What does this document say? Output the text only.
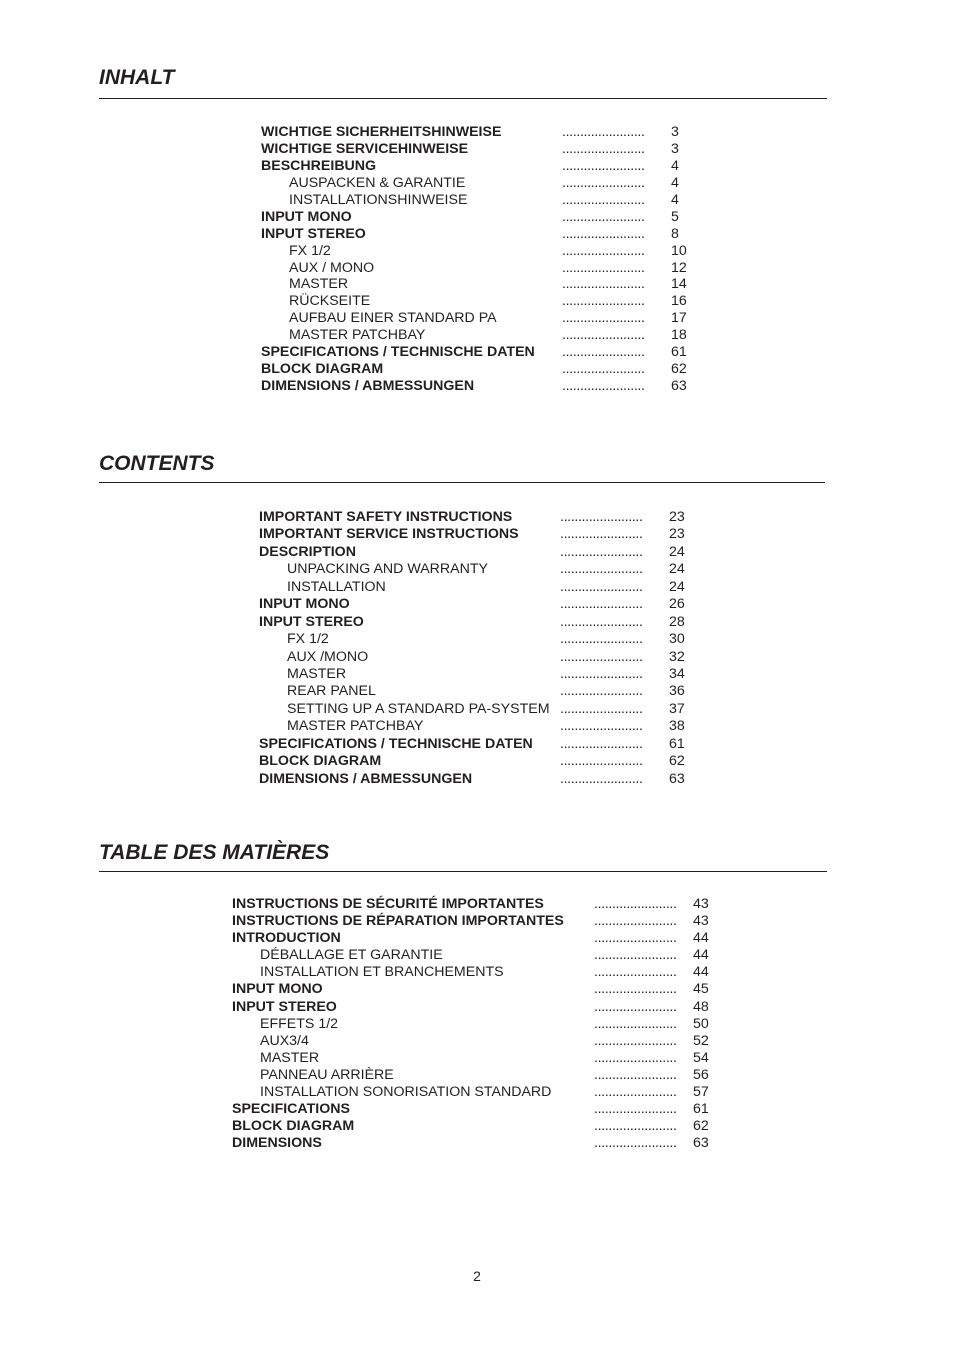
INHALT
WICHTIGE SICHERHEITSHINWEISE	....................... 3
WICHTIGE SERVICEHINWEISE	....................... 3
BESCHREIBUNG	....................... 4
AUSPACKEN & GARANTIE	....................... 4
INSTALLATIONSHINWEISE	....................... 4
INPUT MONO	....................... 5
INPUT STEREO	....................... 8
FX 1/2	....................... 10
AUX / MONO	....................... 12
MASTER	....................... 14
RÜCKSEITE	....................... 16
AUFBAU EINER STANDARD PA	....................... 17
MASTER PATCHBAY	....................... 18
SPECIFICATIONS / TECHNISCHE DATEN ....................... 61
BLOCK DIAGRAM	....................... 62
DIMENSIONS / ABMESSUNGEN	....................... 63
CONTENTS
IMPORTANT SAFETY INSTRUCTIONS	....................... 23
IMPORTANT SERVICE INSTRUCTIONS	....................... 23
DESCRIPTION	....................... 24
UNPACKING AND WARRANTY	....................... 24
INSTALLATION	....................... 24
INPUT MONO	....................... 26
INPUT STEREO	....................... 28
FX 1/2	....................... 30
AUX /MONO	....................... 32
MASTER	....................... 34
REAR PANEL	....................... 36
SETTING UP A STANDARD PA-SYSTEM ....................... 37
MASTER PATCHBAY	....................... 38
SPECIFICATIONS / TECHNISCHE DATEN ....................... 61
BLOCK DIAGRAM	....................... 62
DIMENSIONS / ABMESSUNGEN	....................... 63
TABLE DES MATIÈRES
INSTRUCTIONS DE SÉCURITÉ IMPORTANTES	....................... 43
INSTRUCTIONS DE RÉPARATION IMPORTANTES ....................... 43
INTRODUCTION	....................... 44
DÉBALLAGE ET GARANTIE	....................... 44
INSTALLATION ET BRANCHEMENTS	....................... 44
INPUT MONO	....................... 45
INPUT STEREO	....................... 48
EFFETS 1/2	....................... 50
AUX3/4	....................... 52
MASTER	....................... 54
PANNEAU ARRIÈRE	....................... 56
INSTALLATION SONORISATION STANDARD	....................... 57
SPECIFICATIONS	....................... 61
BLOCK DIAGRAM	....................... 62
DIMENSIONS	....................... 63
2
